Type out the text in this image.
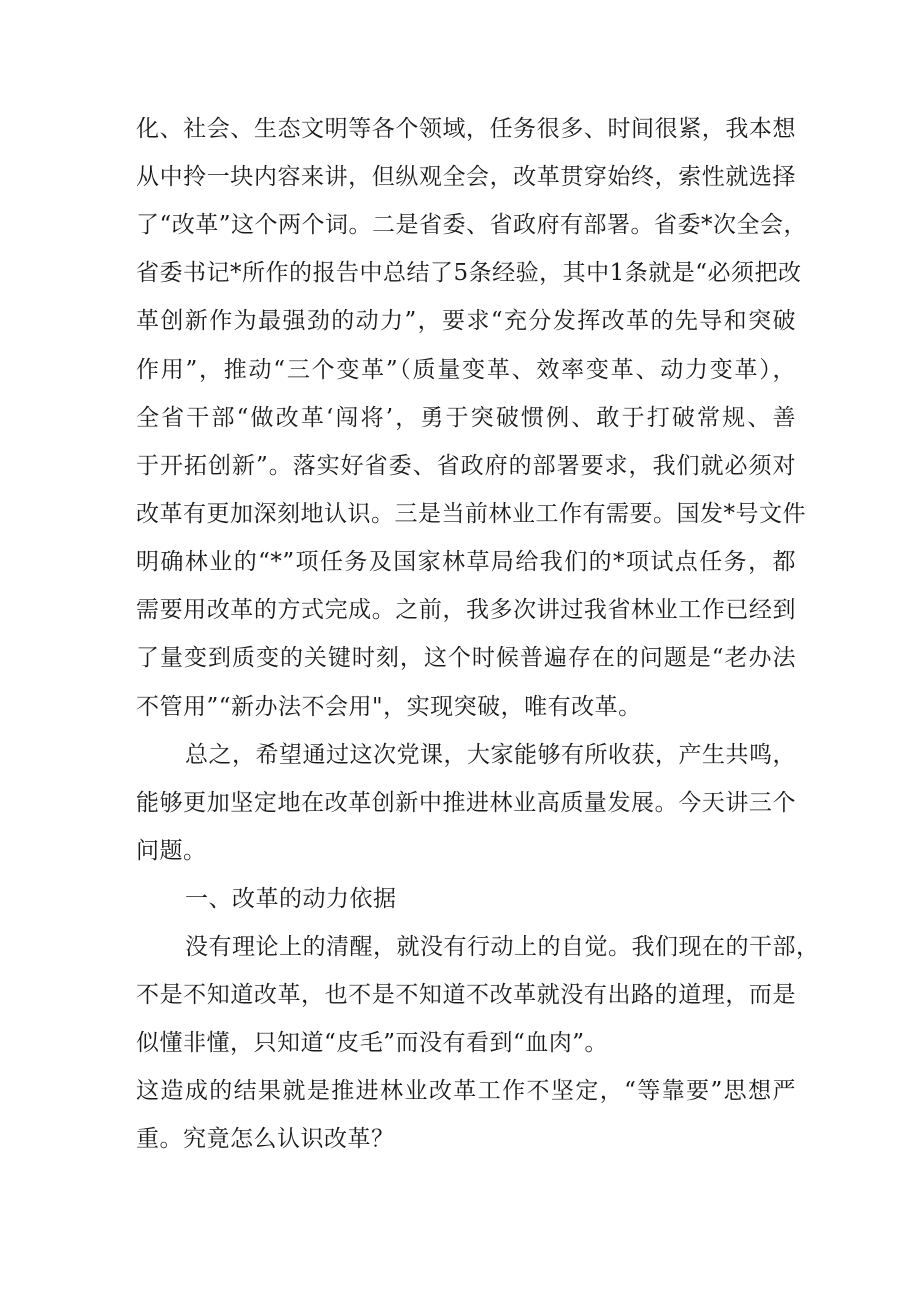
化、社会、生态文明等各个领域，任务很多、时间很紧，我本想
从中拎一块内容来讲，但纵观全会，改革贯穿始终，索性就选择
了“改革”这个两个词。二是省委、省政府有部署。省委*次全会，
省委书记*所作的报告中总结了5条经验，其中1条就是“必须把改
革创新作为最强劲的动力”，要求“充分发挥改革的先导和突破
作用”，推动“三个变革”（质量变革、效率变革、动力变革），
全省干部“做改革‘闯将’，勇于突破惯例、敢于打破常规、善
于开拓创新”。落实好省委、省政府的部署要求，我们就必须对
改革有更加深刻地认识。三是当前林业工作有需要。国发*号文件
明确林业的“*”项任务及国家林草局给我们的*项试点任务，都
需要用改革的方式完成。之前，我多次讲过我省林业工作已经到
了量变到质变的关键时刻，这个时候普遍存在的问题是“老办法
不管用”“新办法不会用"，实现突破，唯有改革。
总之，希望通过这次党课，大家能够有所收获，产生共鸣，
能够更加坚定地在改革创新中推进林业高质量发展。今天讲三个
问题。
一、改革的动力依据
没有理论上的清醒，就没有行动上的自觉。我们现在的干部，
不是不知道改革，也不是不知道不改革就没有出路的道理，而是
似懂非懂，只知道“皮毛”而没有看到“血肉”。
这造成的结果就是推进林业改革工作不坚定，“等靠要”思想严
重。究竟怎么认识改革？
